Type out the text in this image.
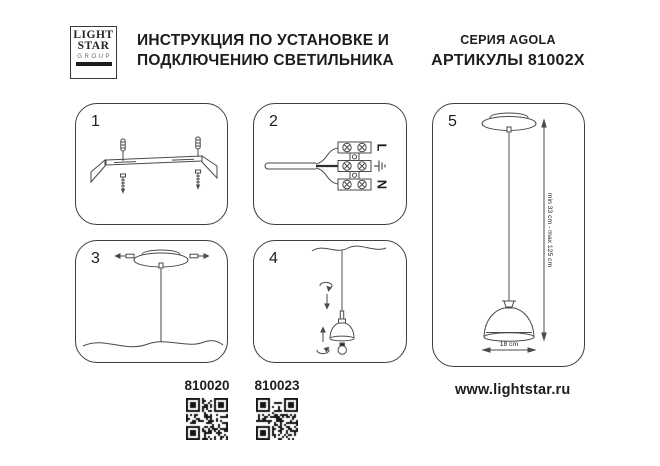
LIGHT
STAR
GROUP
ИНСТРУКЦИЯ ПО УСТАНОВКЕ И
ПОДКЛЮЧЕНИЮ СВЕТИЛЬНИКА
СЕРИЯ AGOLA
АРТИКУЛЫ 81002X
1	2
L
N
3	4
5
min 33 cm - max 125 cm
18 cm
810020	810023	www.lightstar.ru
